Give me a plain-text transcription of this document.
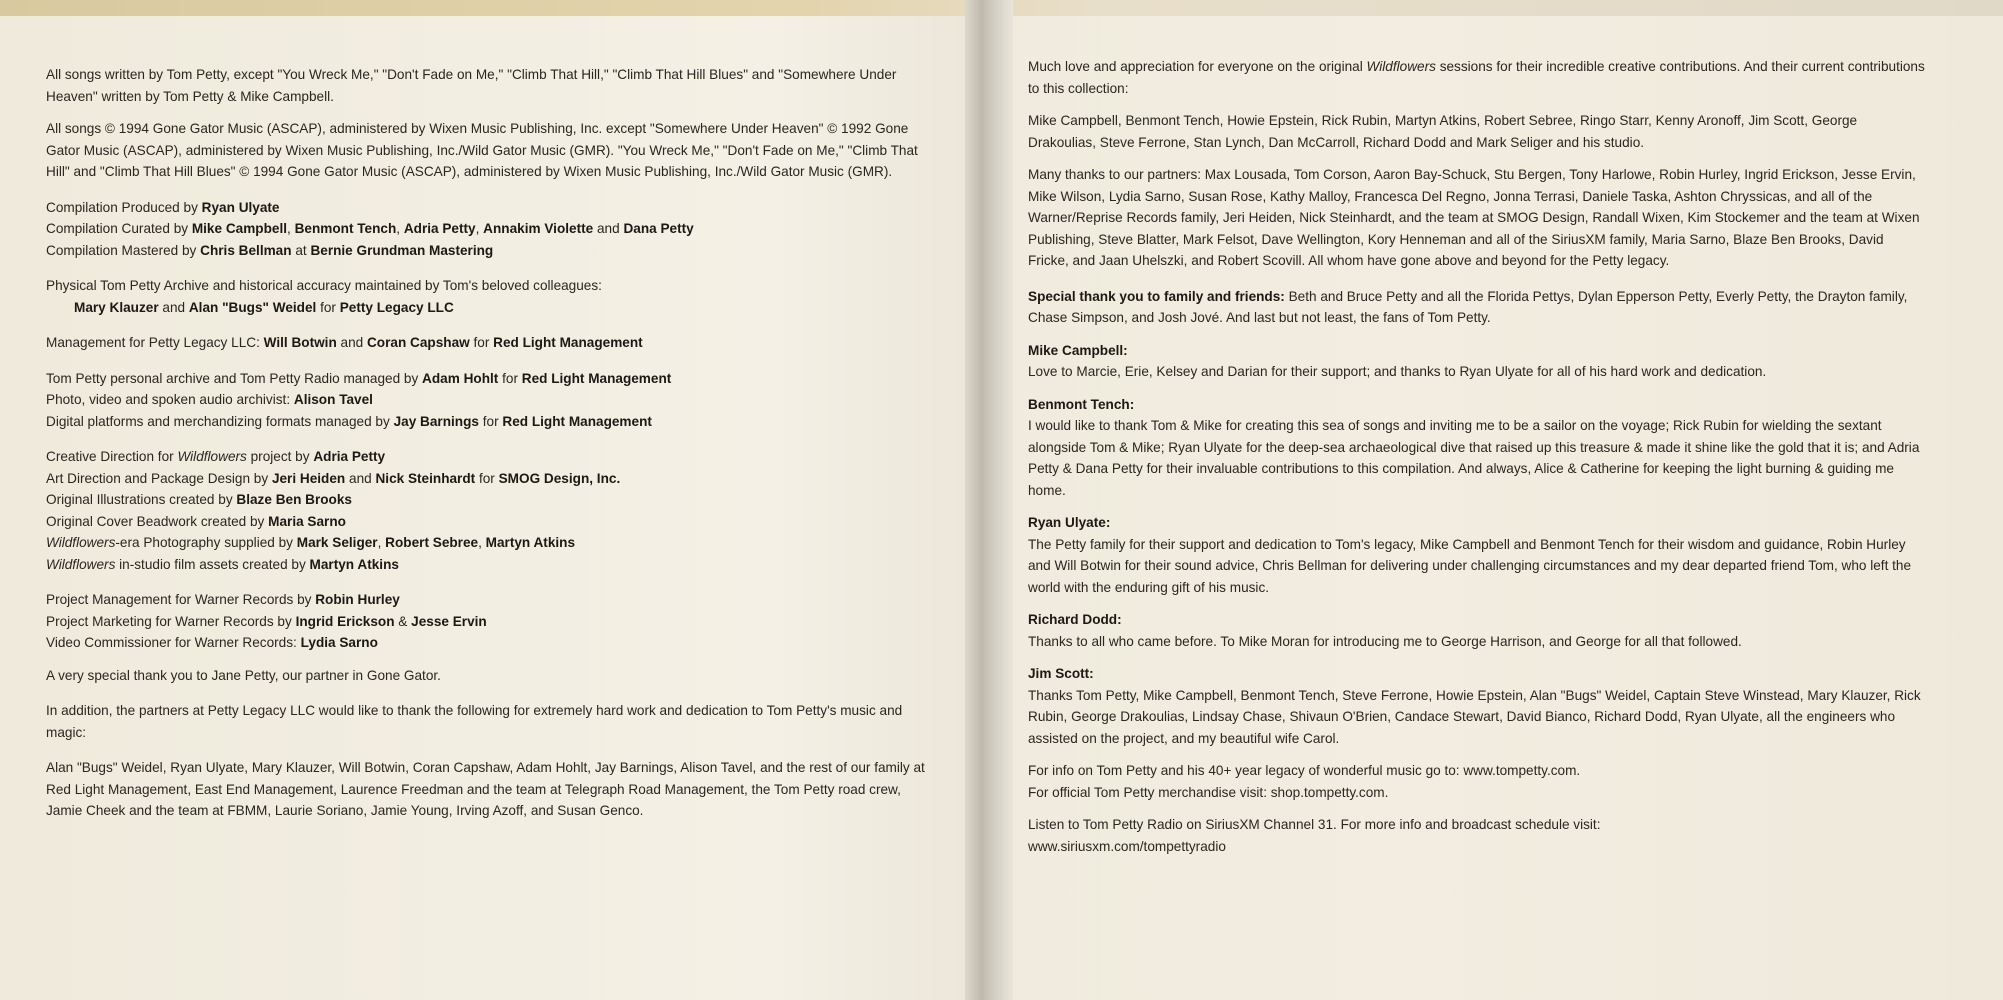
All songs written by Tom Petty, except "You Wreck Me," "Don't Fade on Me," "Climb That Hill," "Climb That Hill Blues" and "Somewhere Under Heaven" written by Tom Petty & Mike Campbell.

All songs © 1994 Gone Gator Music (ASCAP), administered by Wixen Music Publishing, Inc. except "Somewhere Under Heaven" © 1992 Gone Gator Music (ASCAP), administered by Wixen Music Publishing, Inc./Wild Gator Music (GMR). "You Wreck Me," "Don't Fade on Me," "Climb That Hill" and "Climb That Hill Blues" © 1994 Gone Gator Music (ASCAP), administered by Wixen Music Publishing, Inc./Wild Gator Music (GMR).

Compilation Produced by Ryan Ulyate
Compilation Curated by Mike Campbell, Benmont Tench, Adria Petty, Annakim Violette and Dana Petty
Compilation Mastered by Chris Bellman at Bernie Grundman Mastering

Physical Tom Petty Archive and historical accuracy maintained by Tom's beloved colleagues:
Mary Klauzer and Alan "Bugs" Weidel for Petty Legacy LLC

Management for Petty Legacy LLC: Will Botwin and Coran Capshaw for Red Light Management

Tom Petty personal archive and Tom Petty Radio managed by Adam Hohlt for Red Light Management
Photo, video and spoken audio archivist: Alison Tavel
Digital platforms and merchandizing formats managed by Jay Barnings for Red Light Management

Creative Direction for Wildflowers project by Adria Petty
Art Direction and Package Design by Jeri Heiden and Nick Steinhardt for SMOG Design, Inc.
Original Illustrations created by Blaze Ben Brooks
Original Cover Beadwork created by Maria Sarno
Wildflowers-era Photography supplied by Mark Seliger, Robert Sebree, Martyn Atkins
Wildflowers in-studio film assets created by Martyn Atkins

Project Management for Warner Records by Robin Hurley
Project Marketing for Warner Records by Ingrid Erickson & Jesse Ervin
Video Commissioner for Warner Records: Lydia Sarno

A very special thank you to Jane Petty, our partner in Gone Gator.

In addition, the partners at Petty Legacy LLC would like to thank the following for extremely hard work and dedication to Tom Petty's music and magic:

Alan "Bugs" Weidel, Ryan Ulyate, Mary Klauzer, Will Botwin, Coran Capshaw, Adam Hohlt, Jay Barnings, Alison Tavel, and the rest of our family at Red Light Management, East End Management, Laurence Freedman and the team at Telegraph Road Management, the Tom Petty road crew, Jamie Cheek and the team at FBMM, Laurie Soriano, Jamie Young, Irving Azoff, and Susan Genco.

Much love and appreciation for everyone on the original Wildflowers sessions for their incredible creative contributions. And their current contributions to this collection:

Mike Campbell, Benmont Tench, Howie Epstein, Rick Rubin, Martyn Atkins, Robert Sebree, Ringo Starr, Kenny Aronoff, Jim Scott, George Drakoulias, Steve Ferrone, Stan Lynch, Dan McCarroll, Richard Dodd and Mark Seliger and his studio.

Many thanks to our partners: Max Lousada, Tom Corson, Aaron Bay-Schuck, Stu Bergen, Tony Harlowe, Robin Hurley, Ingrid Erickson, Jesse Ervin, Mike Wilson, Lydia Sarno, Susan Rose, Kathy Malloy, Francesca Del Regno, Jonna Terrasi, Daniele Taska, Ashton Chryssicas, and all of the Warner/Reprise Records family, Jeri Heiden, Nick Steinhardt, and the team at SMOG Design, Randall Wixen, Kim Stockemer and the team at Wixen Publishing, Steve Blatter, Mark Felsot, Dave Wellington, Kory Henneman and all of the SiriusXM family, Maria Sarno, Blaze Ben Brooks, David Fricke, and Jaan Uhelszki, and Robert Scovill. All whom have gone above and beyond for the Petty legacy.

Special thank you to family and friends: Beth and Bruce Petty and all the Florida Pettys, Dylan Epperson Petty, Everly Petty, the Drayton family, Chase Simpson, and Josh Jové. And last but not least, the fans of Tom Petty.

Mike Campbell:
Love to Marcie, Erie, Kelsey and Darian for their support; and thanks to Ryan Ulyate for all of his hard work and dedication.

Benmont Tench:
I would like to thank Tom & Mike for creating this sea of songs and inviting me to be a sailor on the voyage; Rick Rubin for wielding the sextant alongside Tom & Mike; Ryan Ulyate for the deep-sea archaeological dive that raised up this treasure & made it shine like the gold that it is; and Adria Petty & Dana Petty for their invaluable contributions to this compilation. And always, Alice & Catherine for keeping the light burning & guiding me home.

Ryan Ulyate:
The Petty family for their support and dedication to Tom's legacy, Mike Campbell and Benmont Tench for their wisdom and guidance, Robin Hurley and Will Botwin for their sound advice, Chris Bellman for delivering under challenging circumstances and my dear departed friend Tom, who left the world with the enduring gift of his music.

Richard Dodd:
Thanks to all who came before. To Mike Moran for introducing me to George Harrison, and George for all that followed.

Jim Scott:
Thanks Tom Petty, Mike Campbell, Benmont Tench, Steve Ferrone, Howie Epstein, Alan "Bugs" Weidel, Captain Steve Winstead, Mary Klauzer, Rick Rubin, George Drakoulias, Lindsay Chase, Shivaun O'Brien, Candace Stewart, David Bianco, Richard Dodd, Ryan Ulyate, all the engineers who assisted on the project, and my beautiful wife Carol.

For info on Tom Petty and his 40+ year legacy of wonderful music go to: www.tompetty.com.
For official Tom Petty merchandise visit: shop.tompetty.com.

Listen to Tom Petty Radio on SiriusXM Channel 31. For more info and broadcast schedule visit:
www.siriusxm.com/tompettyradio
